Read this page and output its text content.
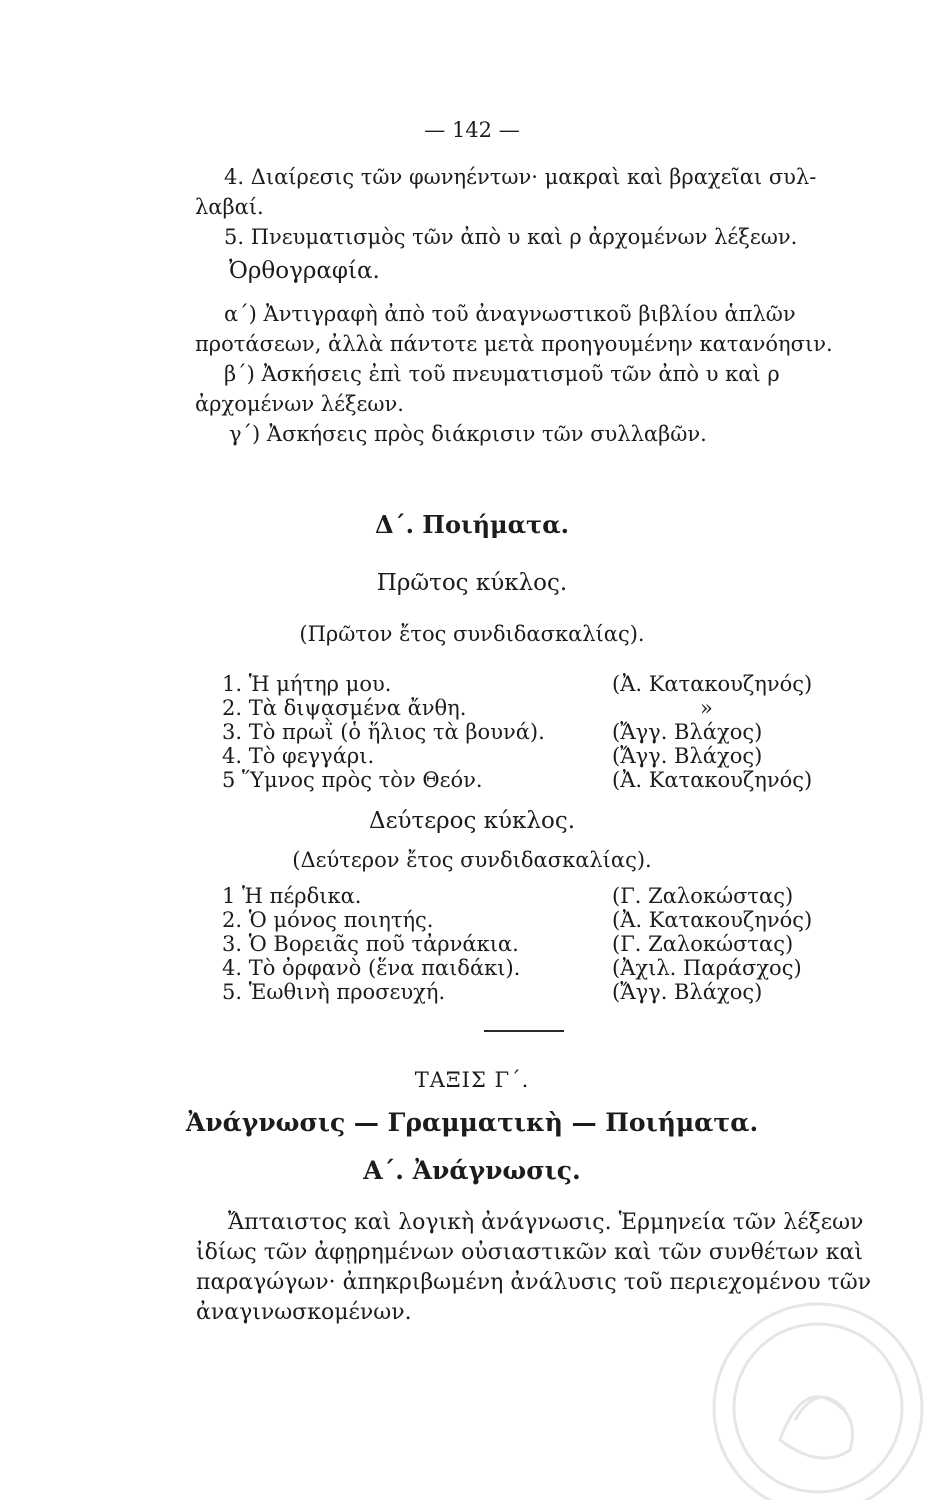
— 142 —
4. Διαίρεσις τῶν φωνηέντων· μακραὶ καὶ βραχεῖαι συλ-
λαβαί.
5. Πνευματισμὸς τῶν ἀπὸ υ καὶ ρ ἀρχομένων λέξεων.
Ὀρθογραφία.
α΄) Ἀντιγραφὴ ἀπὸ τοῦ ἀναγνωστικοῦ βιβλίου ἁπλῶν
προτάσεων, ἀλλὰ πάντοτε μετὰ προηγουμένην κατανόησιν.
β΄) Ἀσκήσεις ἐπὶ τοῦ πνευματισμοῦ τῶν ἀπὸ υ καὶ ρ
ἀρχομένων λέξεων.
γ΄) Ἀσκήσεις πρὸς διάκρισιν τῶν συλλαβῶν.
Δ΄. Ποιήματα.
Πρῶτος κύκλος.
(Πρῶτον ἔτος συνδιδασκαλίας).
1. Ἡ μήτηρ μου.	(Ἀ. Κατακουζηνός)
2. Τὰ διψασμένα ἄνθη.	»
3. Τὸ πρωῒ (ὁ ἥλιος τὰ βουνά).	(Ἄγγ. Βλάχος)
4. Τὸ φεγγάρι.	(Ἄγγ. Βλάχος)
5 Ὕμνος πρὸς τὸν Θεόν.	(Ἀ. Κατακουζηνός)
Δεύτερος κύκλος.
(Δεύτερον ἔτος συνδιδασκαλίας).
1 Ἡ πέρδικα.	(Γ. Ζαλοκώστας)
2. Ὁ μόνος ποιητής.	(Ἀ. Κατακουζηνός)
3. Ὁ Βορειᾶς ποῦ τἀρνάκια.	(Γ. Ζαλοκώστας)
4. Τὸ ὀρφανὸ (ἕνα παιδάκι).	(Ἀχιλ. Παράσχος)
5. Ἑωθινὴ προσευχή.	(Ἄγγ. Βλάχος)
ΤΑΞΙΣ Γ΄.
Ἀνάγνωσις — Γραμματικὴ — Ποιήματα.
Α΄. Ἀνάγνωσις.
Ἄπταιστος καὶ λογικὴ ἀνάγνωσις. Ἑρμηνεία τῶν λέξεων
ἰδίως τῶν ἀφῃρημένων οὐσιαστικῶν καὶ τῶν συνθέτων καὶ
παραγώγων· ἀπηκριβωμένη ἀνάλυσις τοῦ περιεχομένου τῶν
ἀναγινωσκομένων.
